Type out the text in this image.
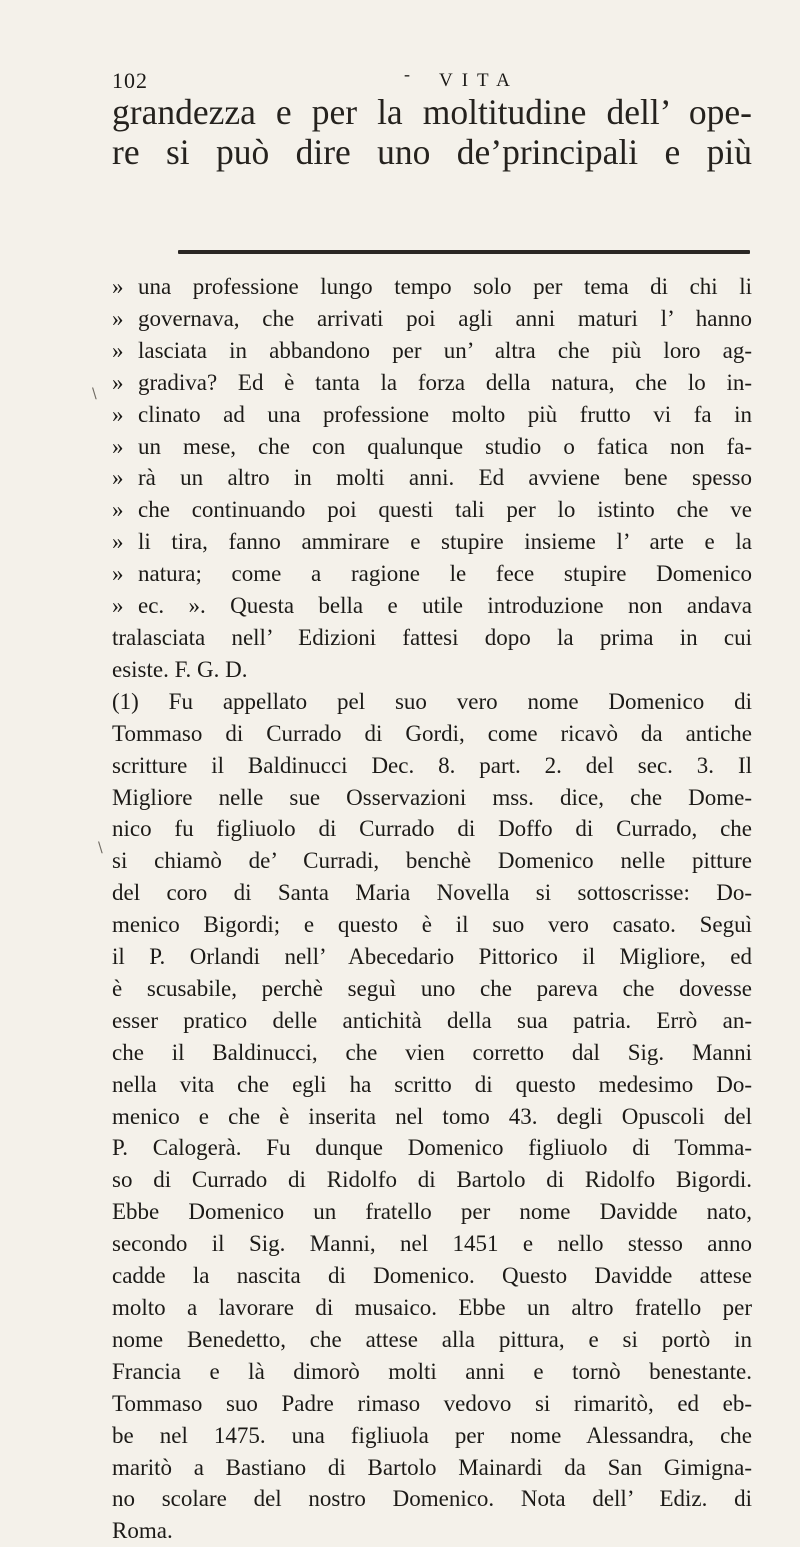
102	- VITA
grandezza e per la moltitudine dell’ ope-
re si può dire uno de’principali e più
» una professione lungo tempo solo per tema di chi li
» governava, che arrivati poi agli anni maturi l’ hanno
» lasciata in abbandono per un’ altra che più loro ag-
» gradiva? Ed è tanta la forza della natura, che lo in-
» clinato ad una professione molto più frutto vi fa in
» un mese, che con qualunque studio o fatica non fa-
» rà un altro in molti anni. Ed avviene bene spesso
» che continuando poi questi tali per lo istinto che ve
» li tira, fanno ammirare e stupire insieme l’ arte e la
» natura; come a ragione le fece stupire Domenico
» ec. ». Questa bella e utile introduzione non andava
tralasciata nell’ Edizioni fattesi dopo la prima in cui
esiste. F. G. D.
(1) Fu appellato pel suo vero nome Domenico di
Tommaso di Currado di Gordi, come ricavò da antiche
scritture il Baldinucci Dec. 8. part. 2. del sec. 3. Il
Migliore nelle sue Osservazioni mss. dice, che Dome-
nico fu figliuolo di Currado di Doffo di Currado, che
si chiamò de’ Curradi, benchè Domenico nelle pitture
del coro di Santa Maria Novella si sottoscrisse: Do-
menico Bigordi; e questo è il suo vero casato. Seguì
il P. Orlandi nell’ Abecedario Pittorico il Migliore, ed
è scusabile, perchè seguì uno che pareva che dovesse
esser pratico delle antichità della sua patria. Errò an-
che il Baldinucci, che vien corretto dal Sig. Manni
nella vita che egli ha scritto di questo medesimo Do-
menico e che è inserita nel tomo 43. degli Opuscoli del
P. Calogerà. Fu dunque Domenico figliuolo di Tomma-
so di Currado di Ridolfo di Bartolo di Ridolfo Bigordi.
Ebbe Domenico un fratello per nome Davidde nato,
secondo il Sig. Manni, nel 1451 e nello stesso anno
cadde la nascita di Domenico. Questo Davidde attese
molto a lavorare di musaico. Ebbe un altro fratello per
nome Benedetto, che attese alla pittura, e si portò in
Francia e là dimorò molti anni e tornò benestante.
Tommaso suo Padre rimaso vedovo si rimaritò, ed eb-
be nel 1475. una figliuola per nome Alessandra, che
maritò a Bastiano di Bartolo Mainardi da San Gimigna-
no scolare del nostro Domenico. Nota dell’ Ediz. di
Roma.
\
\
